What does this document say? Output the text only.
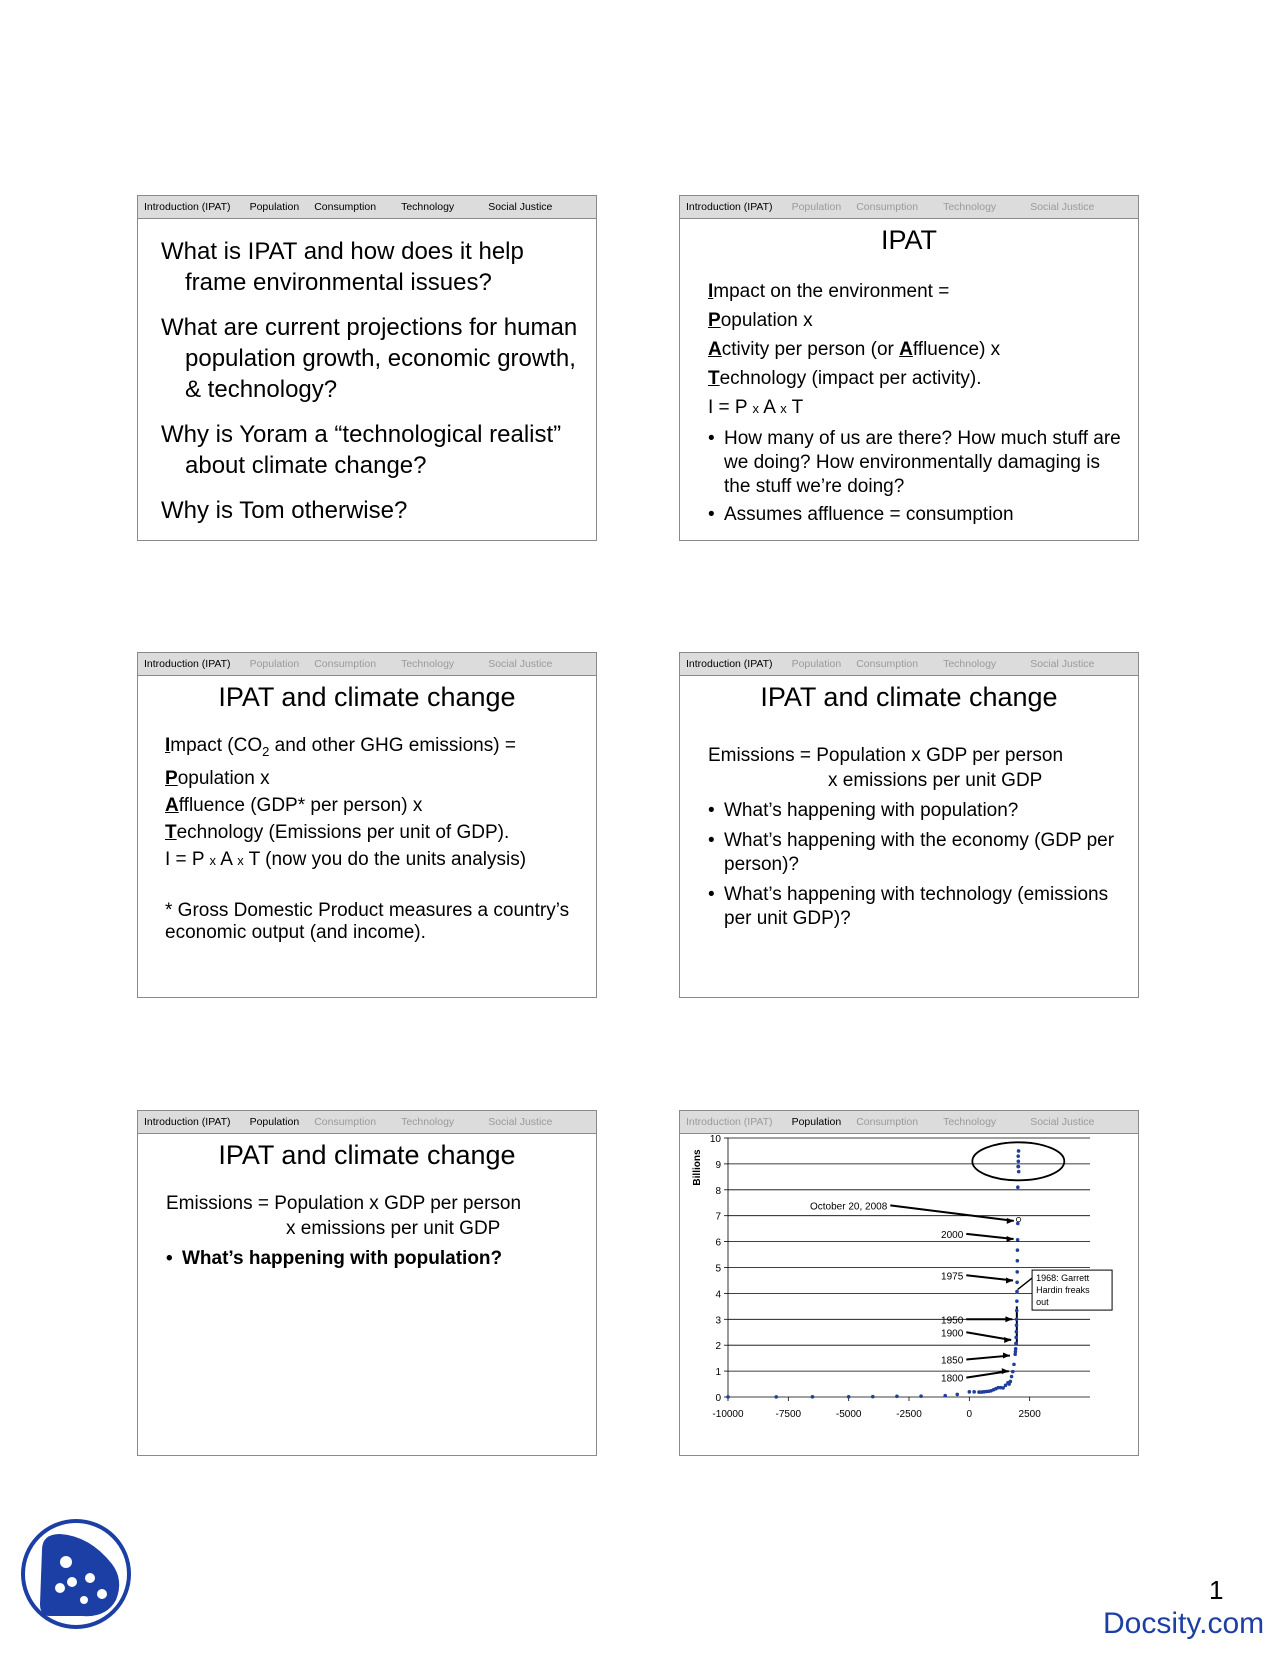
Introduction (IPAT) Population Consumption Technology	Social Justice

What is IPAT and how does it help frame environmental issues?

What are current projections for human population growth, economic growth, & technology?

Why is Yoram a “technological realist” about climate change?

Why is Tom otherwise?

Introduction (IPAT) Population Consumption Technology	Social Justice
IPAT
Impact on the environment =
Population x
Activity per person (or Affluence) x
Technology (impact per activity).
I = P x A x T
• How many of us are there? How much stuff are we doing? How environmentally damaging is the stuff we’re doing?
• Assumes affluence = consumption
Introduction (IPAT) Population Consumption Technology	Social Justice
IPAT and climate change
Impact ($CO_2$ and other GHG emissions) =
Population x
Affluence (GDP* per person) x
Technology (Emissions per unit of GDP).
I = P x A x T (now you do the units analysis)
* Gross Domestic Product measures a country’s economic output (and income).
Introduction (IPAT) Population Consumption Technology	Social Justice
IPAT and climate change
Emissions = Population x GDP per person
x emissions per unit GDP
• What’s happening with population?
• What’s happening with the economy (GDP per person)?
• What’s happening with technology (emissions per unit GDP)?
Introduction (IPAT) Population Consumption Technology	Social Justice
IPAT and climate change
Emissions = Population x GDP per person
x emissions per unit GDP
• What’s happening with population?
Introduction (IPAT) Population Consumption Technology	Social Justice
0
1
2
3
4
5
6
7
8
9
10
-10000	-7500	-5000	-2500	0	2500
Billions
October 20, 2008
2000
1975	1968: Garrett
Hardin freaks
out
1950
1900
1850
1800
1
Docsity.com
